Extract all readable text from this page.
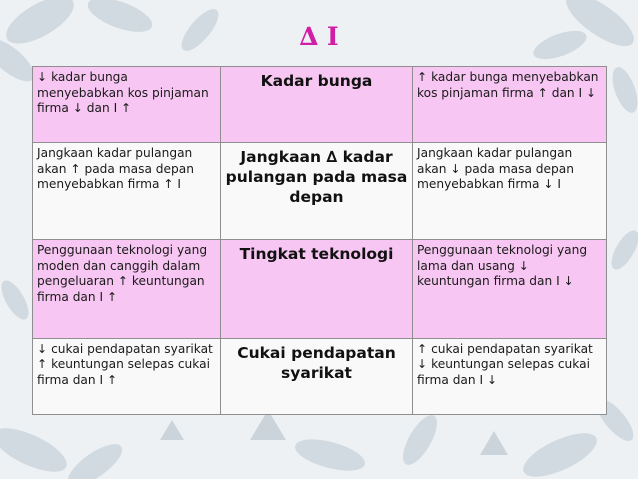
∆ I
↓ kadar bunga menyebabkan kos pinjaman firma ↓ dan I ↑	Kadar bunga	↑ kadar bunga menyebabkan kos pinjaman firma ↑ dan I ↓
Jangkaan kadar pulangan akan ↑ pada masa depan menyebabkan firma ↑ I	Jangkaan ∆ kadar pulangan pada masa depan	Jangkaan kadar pulangan akan ↓ pada masa depan menyebabkan firma ↓ I
Penggunaan teknologi yang moden dan canggih dalam pengeluaran ↑ keuntungan firma dan I ↑	Tingkat teknologi	Penggunaan teknologi yang lama dan usang ↓ keuntungan firma dan I ↓
↓ cukai pendapatan syarikat ↑ keuntungan selepas cukai firma dan I ↑	Cukai pendapatan syarikat	↑ cukai pendapatan syarikat ↓ keuntungan selepas cukai firma dan I ↓
